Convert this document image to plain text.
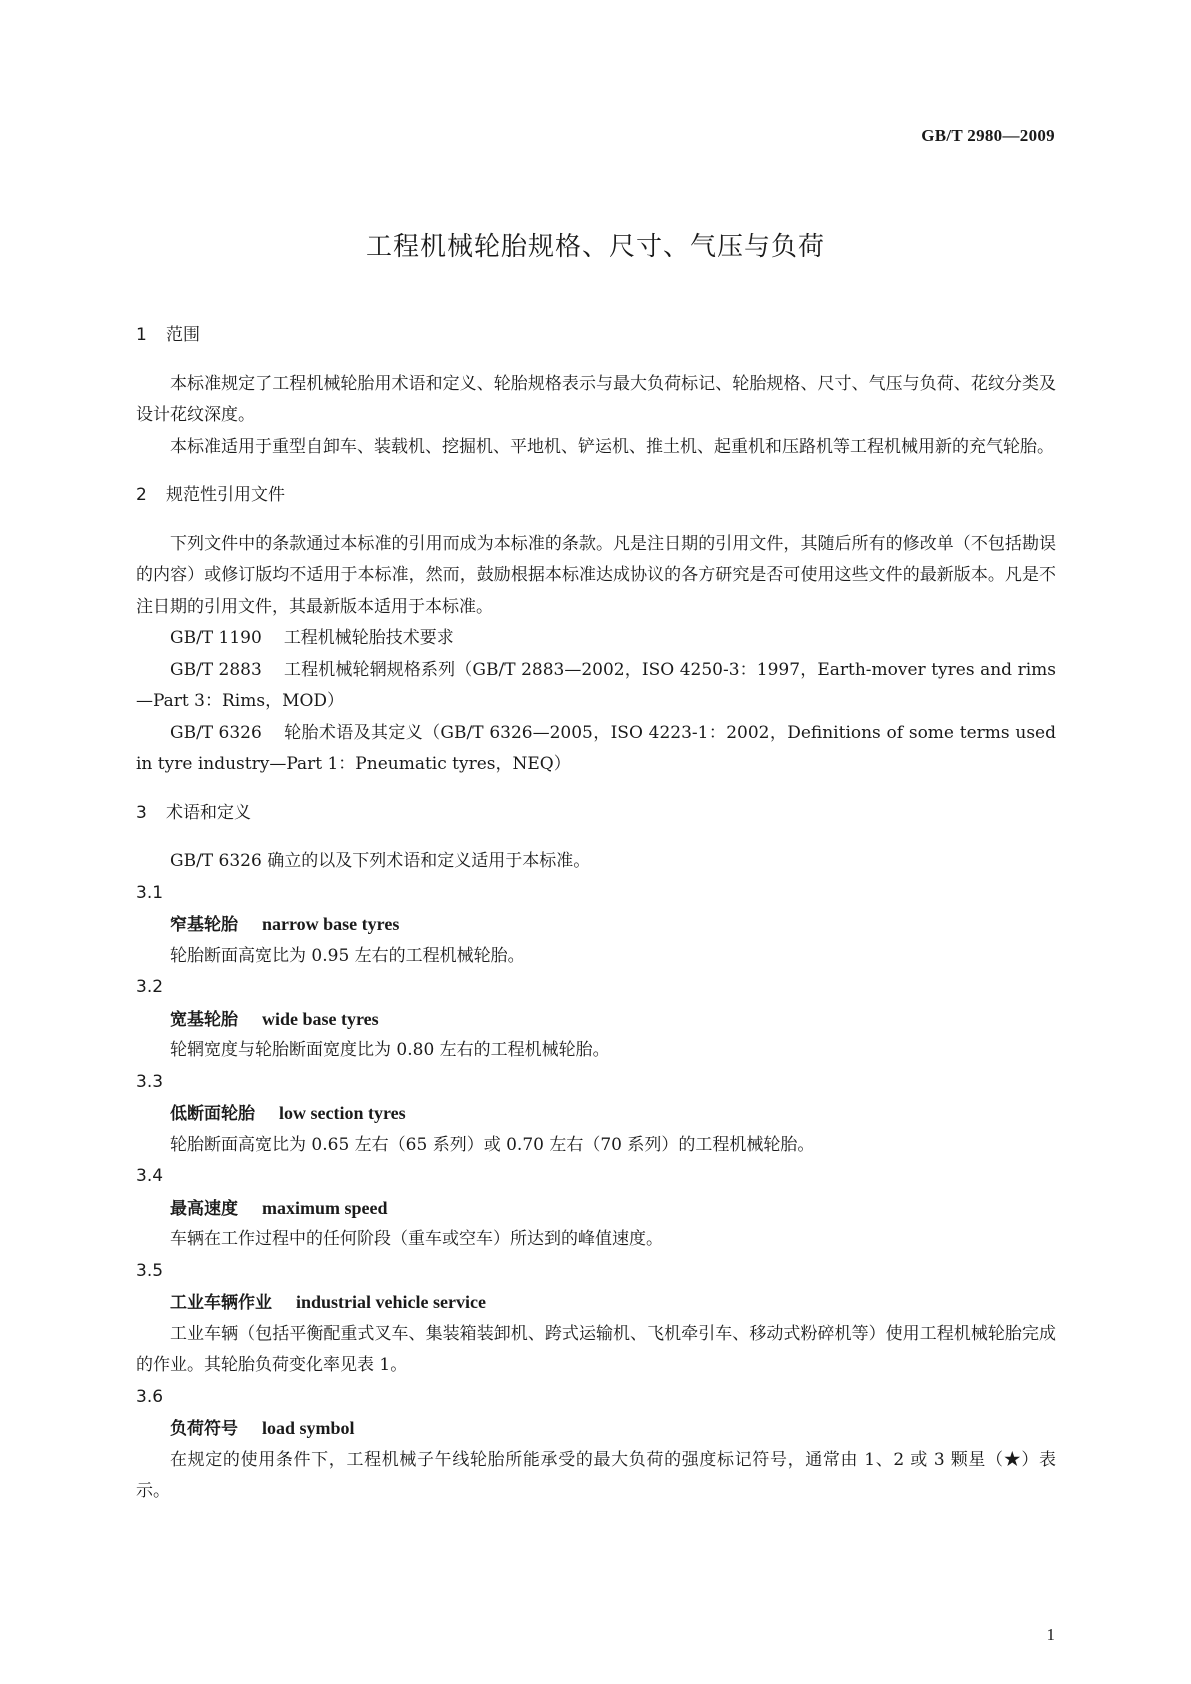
GB/T 2980—2009
工程机械轮胎规格、尺寸、气压与负荷
1 范围

本标准规定了工程机械轮胎用术语和定义、轮胎规格表示与最大负荷标记、轮胎规格、尺寸、气压与负荷、花纹分类及设计花纹深度。

本标准适用于重型自卸车、装载机、挖掘机、平地机、铲运机、推土机、起重机和压路机等工程机械用新的充气轮胎。

2 规范性引用文件

下列文件中的条款通过本标准的引用而成为本标准的条款。凡是注日期的引用文件，其随后所有的修改单（不包括勘误的内容）或修订版均不适用于本标准，然而，鼓励根据本标准达成协议的各方研究是否可使用这些文件的最新版本。凡是不注日期的引用文件，其最新版本适用于本标准。

GB/T 1190 工程机械轮胎技术要求

GB/T 2883 工程机械轮辋规格系列（GB/T 2883—2002，ISO 4250-3：1997，Earth-mover tyres and rims—Part 3：Rims，MOD）

GB/T 6326 轮胎术语及其定义（GB/T 6326—2005，ISO 4223-1：2002，Definitions of some terms used in tyre industry—Part 1：Pneumatic tyres，NEQ）

3 术语和定义

GB/T 6326 确立的以及下列术语和定义适用于本标准。

3.1
窄基轮胎 narrow base tyres

轮胎断面高宽比为 0.95 左右的工程机械轮胎。

3.2
宽基轮胎 wide base tyres

轮辋宽度与轮胎断面宽度比为 0.80 左右的工程机械轮胎。

3.3
低断面轮胎 low section tyres

轮胎断面高宽比为 0.65 左右（65 系列）或 0.70 左右（70 系列）的工程机械轮胎。

3.4
最高速度 maximum speed

车辆在工作过程中的任何阶段（重车或空车）所达到的峰值速度。

3.5
工业车辆作业 industrial vehicle service

工业车辆（包括平衡配重式叉车、集装箱装卸机、跨式运输机、飞机牵引车、移动式粉碎机等）使用工程机械轮胎完成的作业。其轮胎负荷变化率见表 1。

3.6
负荷符号 load symbol

在规定的使用条件下，工程机械子午线轮胎所能承受的最大负荷的强度标记符号，通常由 1、2 或 3 颗星（★）表示。

1
